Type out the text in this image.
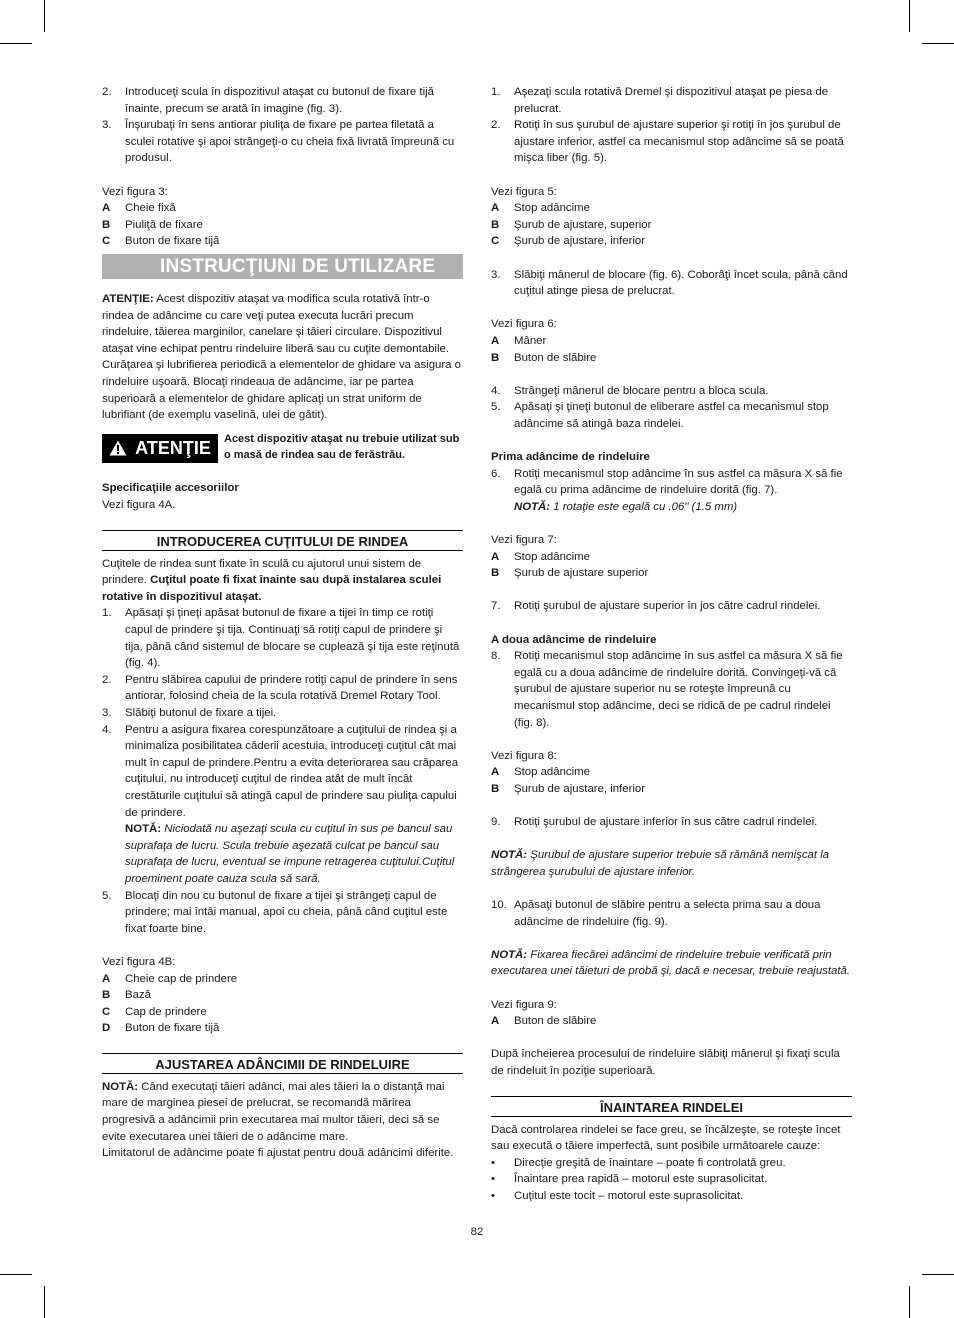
2.	Introduceţi scula în dispozitivul ataşat cu butonul de fixare tijă înainte, precum se arată în imagine (fig. 3).
3.	Înşurubaţi în sens antiorar piuliţa de fixare pe partea filetată a sculei rotative şi apoi strângeţi-o cu cheia fixă livrată împreună cu produsul.

Vezi figura 3:

A	Cheie fixă
B	Piuliţă de fixare
C	Buton de fixare tijă
INSTRUCŢIUNI DE UTILIZARE

ATENŢIE: Acest dispozitiv ataşat va modifica scula rotativă într-o rindea de adâncime cu care veţi putea executa lucrări precum rindeluire, tăierea marginilor, canelare şi tăieri circulare. Dispozitivul ataşat vine echipat pentru rindeluire liberă sau cu cuţite demontabile. Curăţarea şi lubrifierea periodică a elementelor de ghidare va asigura o rindeluire uşoară. Blocaţi rindeaua de adâncime, iar pe partea superioară a elementelor de ghidare aplicaţi un strat uniform de lubrifiant (de exemplu vaselină, ulei de gătit).

ATENŢIE	Acest dispozitiv ataşat nu trebuie utilizat sub o masă de rindea sau de ferăstrău.

Specificaţiile accesoriilor

Vezi figura 4A.

INTRODUCEREA CUŢITULUI DE RINDEA

Cuţitele de rindea sunt fixate în sculă cu ajutorul unui sistem de prindere. Cuţitul poate fi fixat înainte sau după instalarea sculei rotative în dispozitivul ataşat.

1.	Apăsaţi şi ţineţi apăsat butonul de fixare a tijei în timp ce rotiţi capul de prindere şi tija. Continuaţi să rotiţi capul de prindere şi tija, până când sistemul de blocare se cuplează şi tija este reţinută (fig. 4).
2.	Pentru slăbirea capului de prindere rotiţi capul de prindere în sens antiorar, folosind cheia de la scula rotativă Dremel Rotary Tool.
3.	Slăbiţi butonul de fixare a tijei.
4.	Pentru a asigura fixarea corespunzătoare a cuţitului de rindea şi a minimaliza posibilitatea căderii acestuia, introduceţi cuţitul cât mai mult în capul de prindere.Pentru a evita deteriorarea sau crăparea cuţitului, nu introduceţi cuţitul de rindea atât de mult încât crestăturile cuţitului să atingă capul de prindere sau piuliţa capului de prindere.
NOTĂ: Niciodată nu aşezaţi scula cu cuţitul în sus pe bancul sau suprafaţa de lucru. Scula trebuie aşezată culcat pe bancul sau suprafaţa de lucru, eventual se impune retragerea cuţitului.Cuţitul proeminent poate cauza scula să sară.
5.	Blocaţi din nou cu butonul de fixare a tijei şi strângeţi capul de prindere; mai întâi manual, apoi cu cheia, până când cuţitul este fixat foarte bine.

Vezi figura 4B:

A	Cheie cap de prindere
B	Bază
C	Cap de prindere
D	Buton de fixare tijă
AJUSTAREA ADÂNCIMII DE RINDELUIRE

NOTĂ: Când executaţi tăieri adânci, mai ales tăieri la o distanţă mai mare de marginea piesei de prelucrat, se recomandă mărirea progresivă a adâncimii prin executarea mai multor tăieri, deci să se evite executarea unei tăieri de o adâncime mare.

Limitatorul de adâncime poate fi ajustat pentru două adâncimi diferite.

1.	Aşezaţi scula rotativă Dremel şi dispozitivul ataşat pe piesa de prelucrat.
2.	Rotiţi în sus şurubul de ajustare superior şi rotiţi în jos şurubul de ajustare inferior, astfel ca mecanismul stop adâncime să se poată mişca liber (fig. 5).

Vezi figura 5:

A	Stop adâncime
B	Şurub de ajustare, superior
C	Şurub de ajustare, inferior
3.	Slăbiţi mânerul de blocare (fig. 6). Coborâţi încet scula, până când cuţitul atinge piesa de prelucrat.

Vezi figura 6:

A	Mâner
B	Buton de slăbire
4.	Strângeţi mânerul de blocare pentru a bloca scula.
5.	Apăsaţi şi ţineţi butonul de eliberare astfel ca mecanismul stop adâncime să atingă baza rindelei.

Prima adâncime de rindeluire

6.	Rotiţi mecanismul stop adâncime în sus astfel ca măsura X să fie egală cu prima adâncime de rindeluire dorită (fig. 7).
NOTĂ: 1 rotaţie este egală cu .06" (1.5 mm)

Vezi figura 7:

A	Stop adâncime
B	Şurub de ajustare superior
7.	Rotiţi şurubul de ajustare superior în jos către cadrul rindelei.

A doua adâncime de rindeluire

8.	Rotiţi mecanismul stop adâncime în sus astfel ca măsura X să fie egală cu a doua adâncime de rindeluire dorită. Convingeţi-vă că şurubul de ajustare superior nu se roteşte împreună cu mecanismul stop adâncime, deci se ridică de pe cadrul rindelei (fig. 8).

Vezi figura 8:

A	Stop adâncime
B	Şurub de ajustare, inferior
9.	Rotiţi şurubul de ajustare inferior în sus către cadrul rindelei.

NOTĂ: Şurubul de ajustare superior trebuie să rămână nemişcat la strângerea şurubului de ajustare inferior.

10. Apăsaţi butonul de slăbire pentru a selecta prima sau a doua adâncime de rindeluire (fig. 9).

NOTĂ: Fixarea fiecărei adâncimi de rindeluire trebuie verificată prin executarea unei tăieturi de probă şi, dacă e necesar, trebuie reajustată.

Vezi figura 9:

A	Buton de slăbire

După încheierea procesului de rindeluire slăbiţi mânerul şi fixaţi scula de rindeluit în poziţie superioară.

ÎNAINTAREA RINDELEI

Dacă controlarea rindelei se face greu, se încălzeşte, se roteşte încet sau execută o tăiere imperfectă, sunt posibile următoarele cauze:

•	Direcţie greşită de înaintare – poate fi controlată greu.
•	Înaintare prea rapidă – motorul este suprasolicitat.
•	Cuţitul este tocit – motorul este suprasolicitat.
82
